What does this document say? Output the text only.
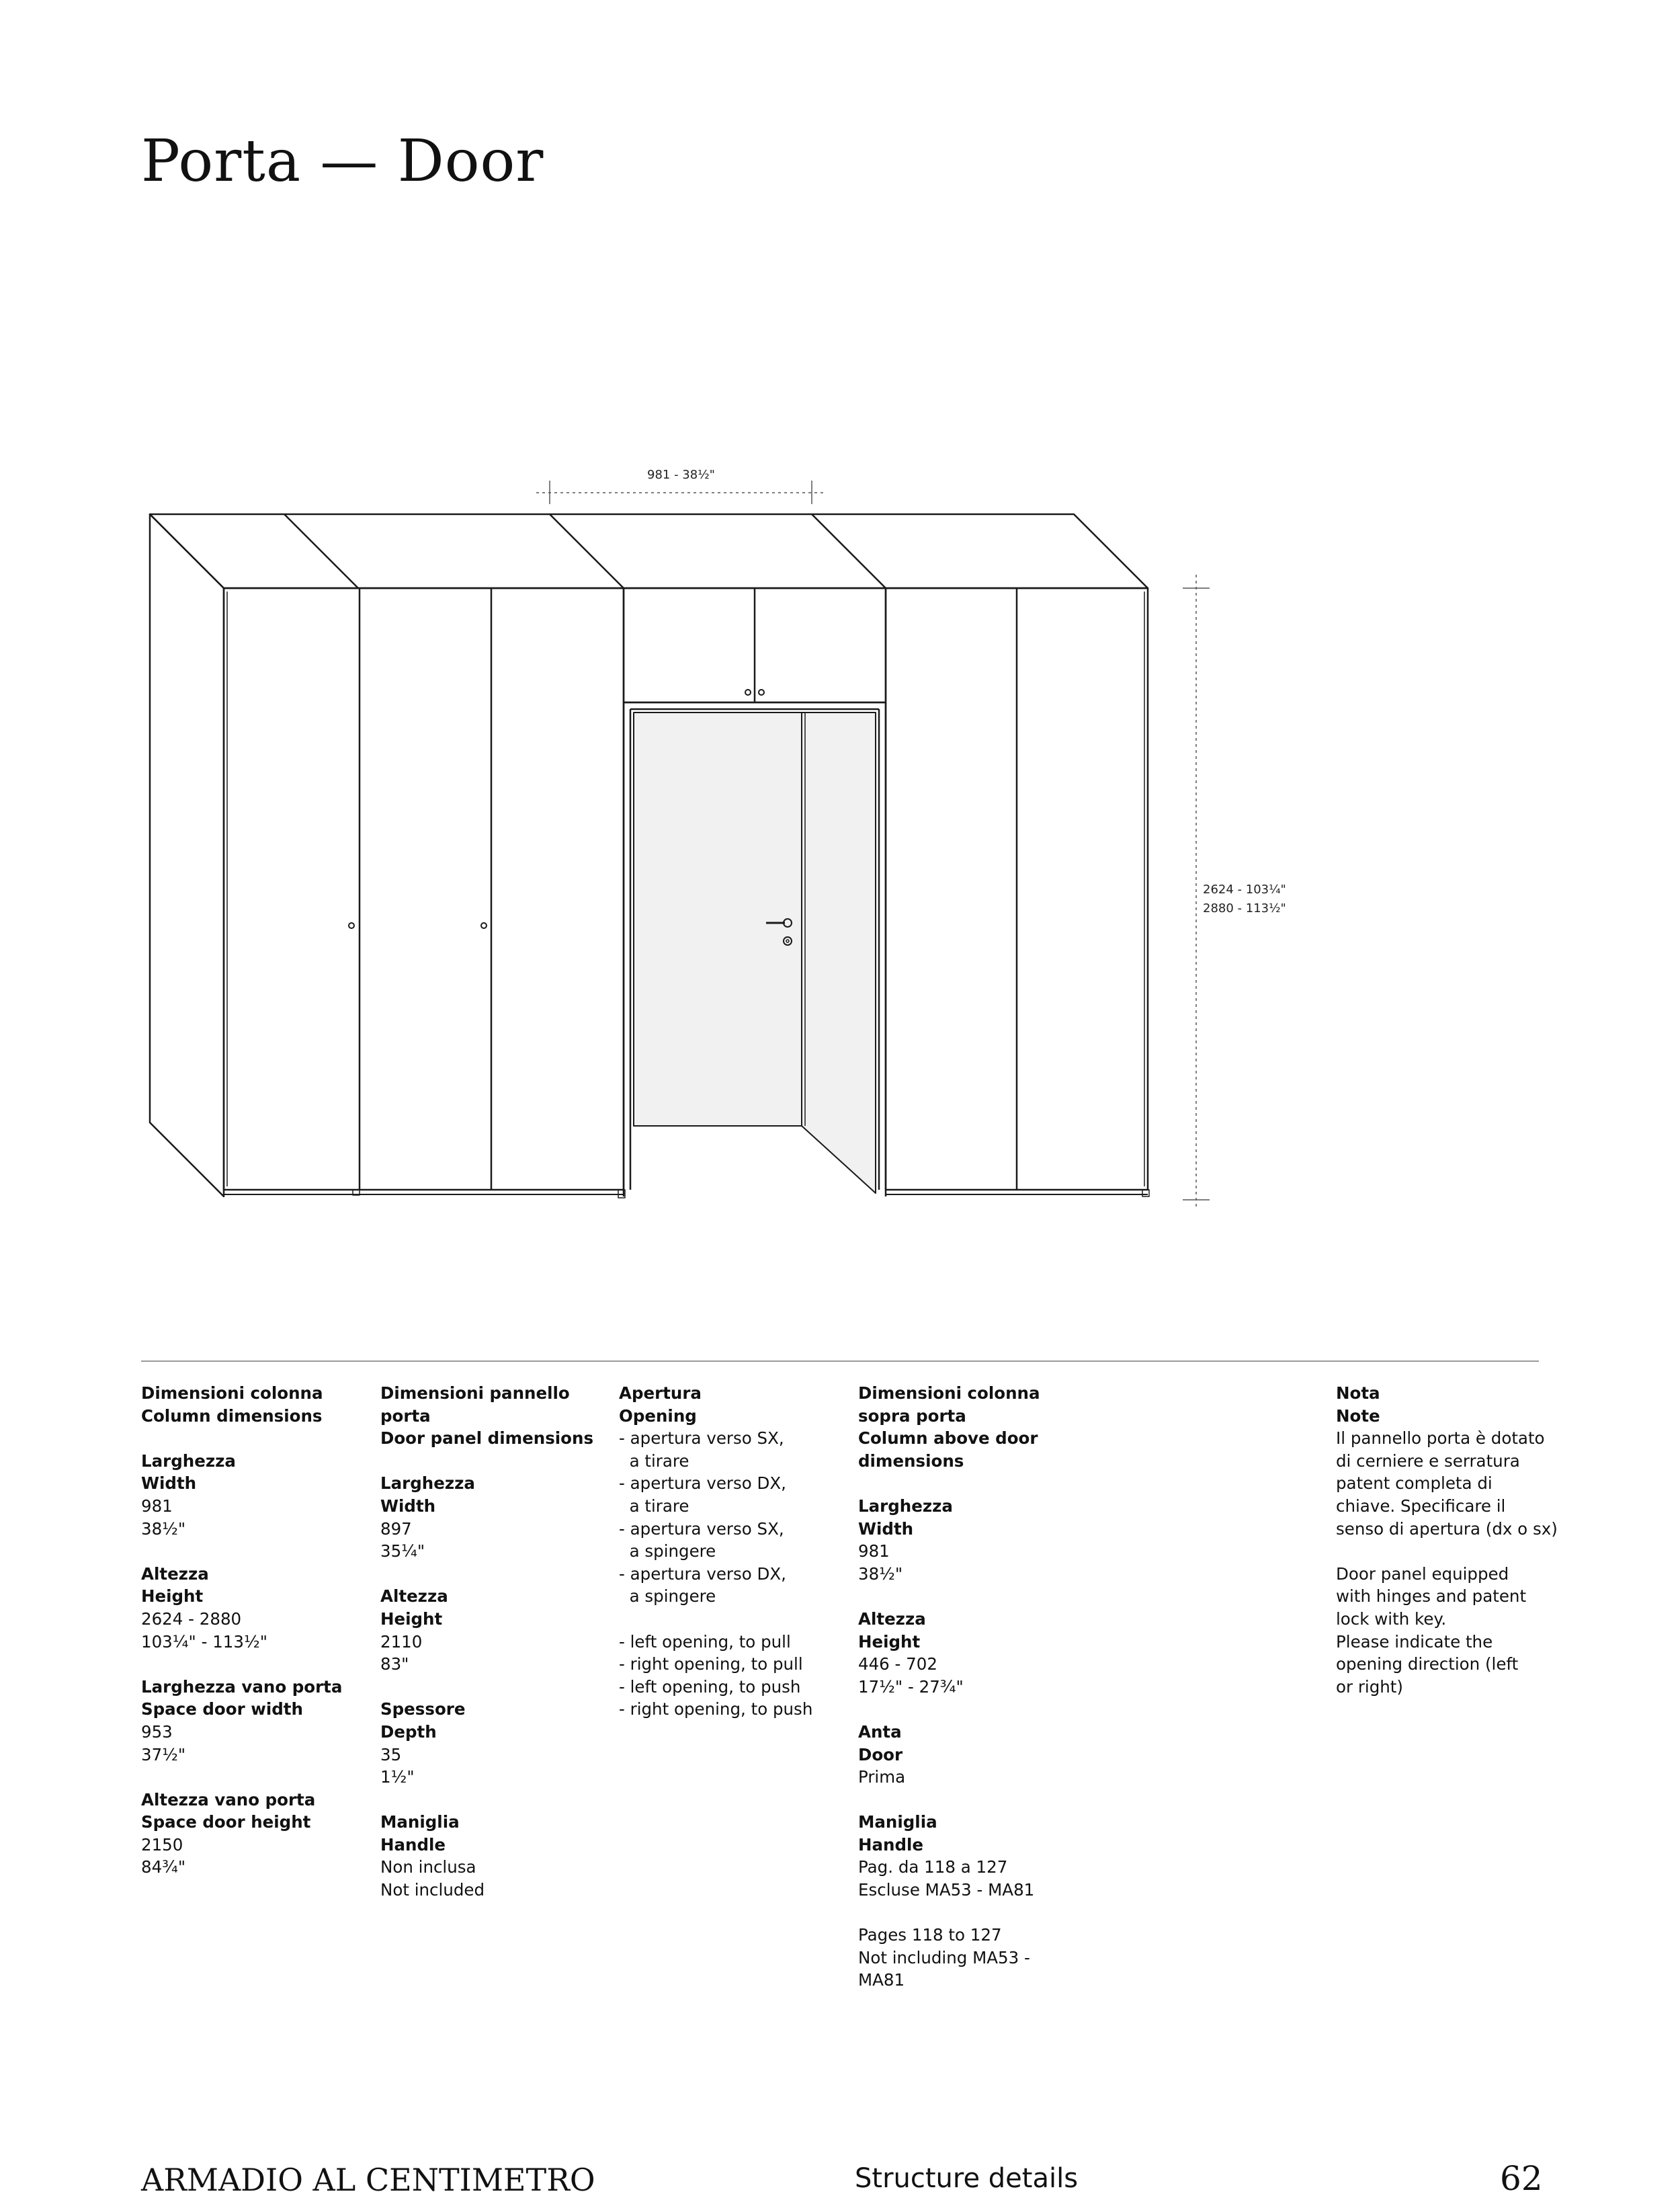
Porta — Door
981 - 38½"
2624 - 103¼"
2880 - 113½"
Dimensioni colonna
Column dimensions
Larghezza
Width
981
38½"
Altezza
Height
2624 - 2880
103¼" - 113½"
Larghezza vano porta
Space door width
953
37½"
Altezza vano porta
Space door height
2150
84¾"
Dimensioni pannello
porta
Door panel dimensions
Larghezza
Width
897
35¼"
Altezza
Height
2110
83"
Spessore
Depth
35
1½"
Maniglia
Handle
Non inclusa
Not included
Apertura
Opening
- apertura verso SX,
a tirare
- apertura verso DX,
a tirare
- apertura verso SX,
a spingere
- apertura verso DX,
a spingere
- left opening, to pull
- right opening, to pull
- left opening, to push
- right opening, to push
Dimensioni colonna
sopra porta
Column above door
dimensions
Larghezza
Width
981
38½"
Altezza
Height
446 - 702
17½" - 27¾"
Anta
Door
Prima
Maniglia
Handle
Pag. da 118 a 127
Escluse MA53 - MA81
Pages 118 to 127
Not including MA53 -
MA81
Nota
Note
Il pannello porta è dotato
di cerniere e serratura
patent completa di
chiave. Specificare il
senso di apertura (dx o sx)
Door panel equipped
with hinges and patent
lock with key.
Please indicate the
opening direction (left
or right)
ARMADIO AL CENTIMETRO	Structure details	62
